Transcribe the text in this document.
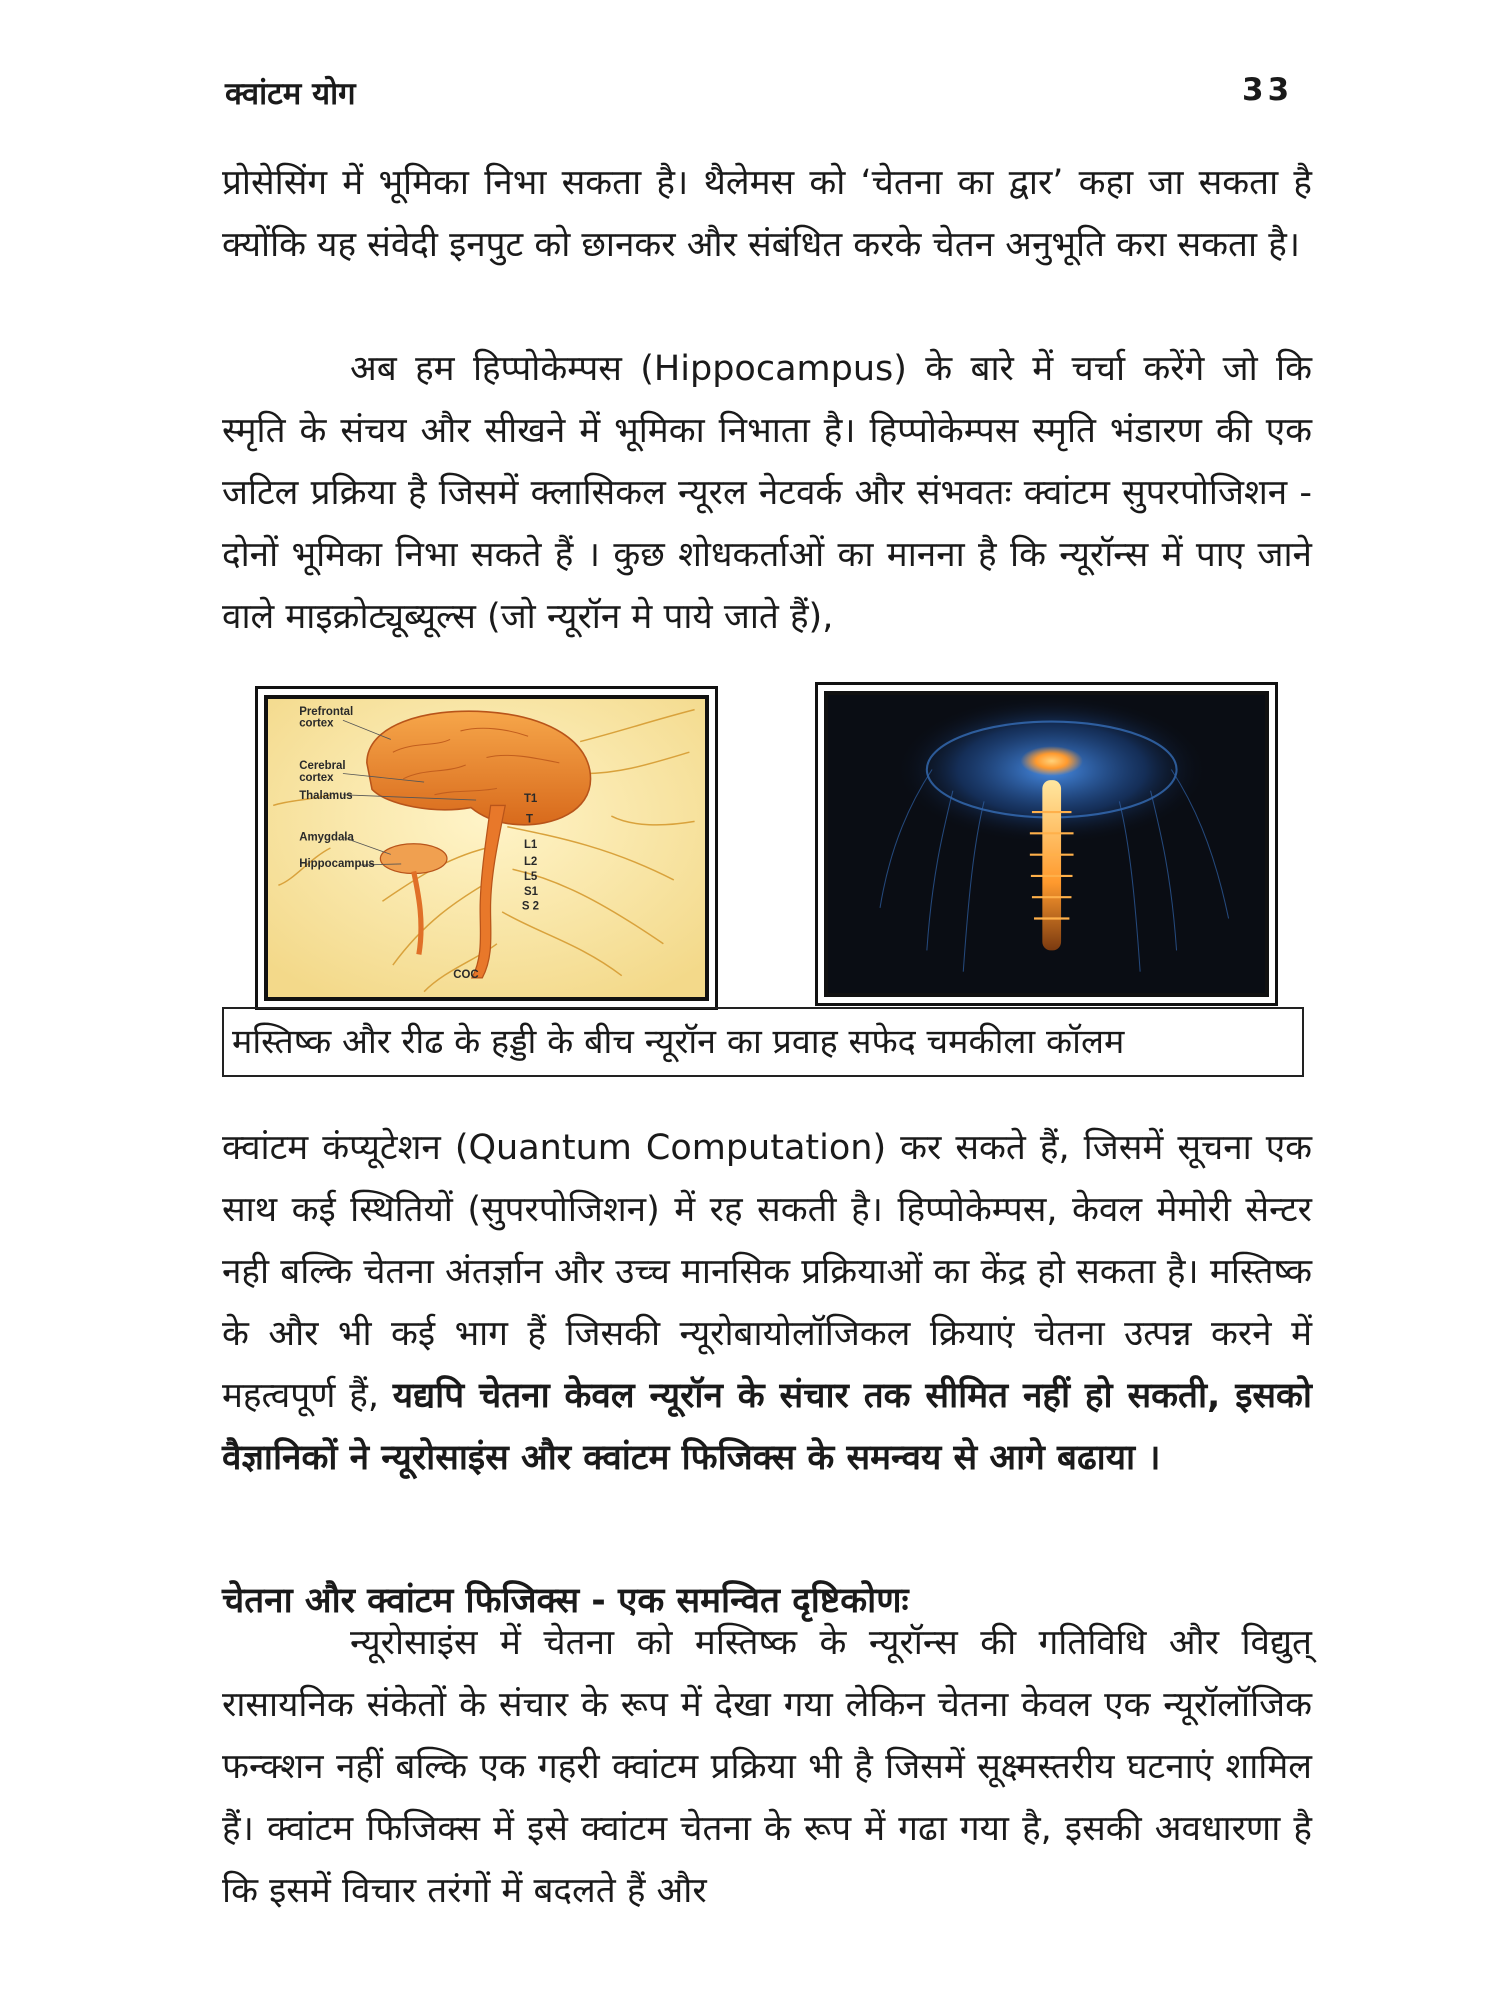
क्वांटम योग	33

प्रोसेसिंग में भूमिका निभा सकता है। थैलेमस को ‘चेतना का द्वार’ कहा जा सकता है क्योंकि यह संवेदी इनपुट को छानकर और संबंधित करके चेतन अनुभूति करा सकता है।

अब हम हिप्पोकेम्पस (Hippocampus) के बारे में चर्चा करेंगे जो कि स्मृति के संचय और सीखने में भूमिका निभाता है। हिप्पोकेम्पस स्मृति भंडारण की एक जटिल प्रक्रिया है जिसमें क्लासिकल न्यूरल नेटवर्क और संभवतः क्वांटम सुपरपोजिशन - दोनों भूमिका निभा सकते हैं । कुछ शोधकर्ताओं का मानना है कि न्यूरॉन्स में पाए जाने वाले माइक्रोट्यूब्यूल्स (जो न्यूरॉन मे पाये जाते हैं),

Prefrontal
cortex
Cerebral
cortex
Thalamus
Amygdala
Hippocampus
T1
T
L1
L2
L5
S1
S 2
COC
मस्तिष्क और रीढ के हड्डी के बीच न्यूरॉन का प्रवाह सफेद चमकीला कॉलम

क्वांटम कंप्यूटेशन (Quantum Computation) कर सकते हैं, जिसमें सूचना एक साथ कई स्थितियों (सुपरपोजिशन) में रह सकती है। हिप्पोकेम्पस, केवल मेमोरी सेन्टर नही बल्कि चेतना अंतर्ज्ञान और उच्च मानसिक प्रक्रियाओं का केंद्र हो सकता है। मस्तिष्क के और भी कई भाग हैं जिसकी न्यूरोबायोलॉजिकल क्रियाएं चेतना उत्पन्न करने में महत्वपूर्ण हैं, यद्यपि चेतना केवल न्यूरॉन के संचार तक सीमित नहीं हो सकती, इसको वैज्ञानिकों ने न्यूरोसाइंस और क्वांटम फिजिक्स के समन्वय से आगे बढाया ।

चेतना और क्वांटम फिजिक्स - एक समन्वित दृष्टिकोणः

न्यूरोसाइंस में चेतना को मस्तिष्क के न्यूरॉन्स की गतिविधि और विद्युत् रासायनिक संकेतों के संचार के रूप में देखा गया लेकिन चेतना केवल एक न्यूरॉलॉजिक फन्क्शन नहीं बल्कि एक गहरी क्वांटम प्रक्रिया भी है जिसमें सूक्ष्मस्तरीय घटनाएं शामिल हैं। क्वांटम फिजिक्स में इसे क्वांटम चेतना के रूप में गढा गया है, इसकी अवधारणा है कि इसमें विचार तरंगों में बदलते हैं और
